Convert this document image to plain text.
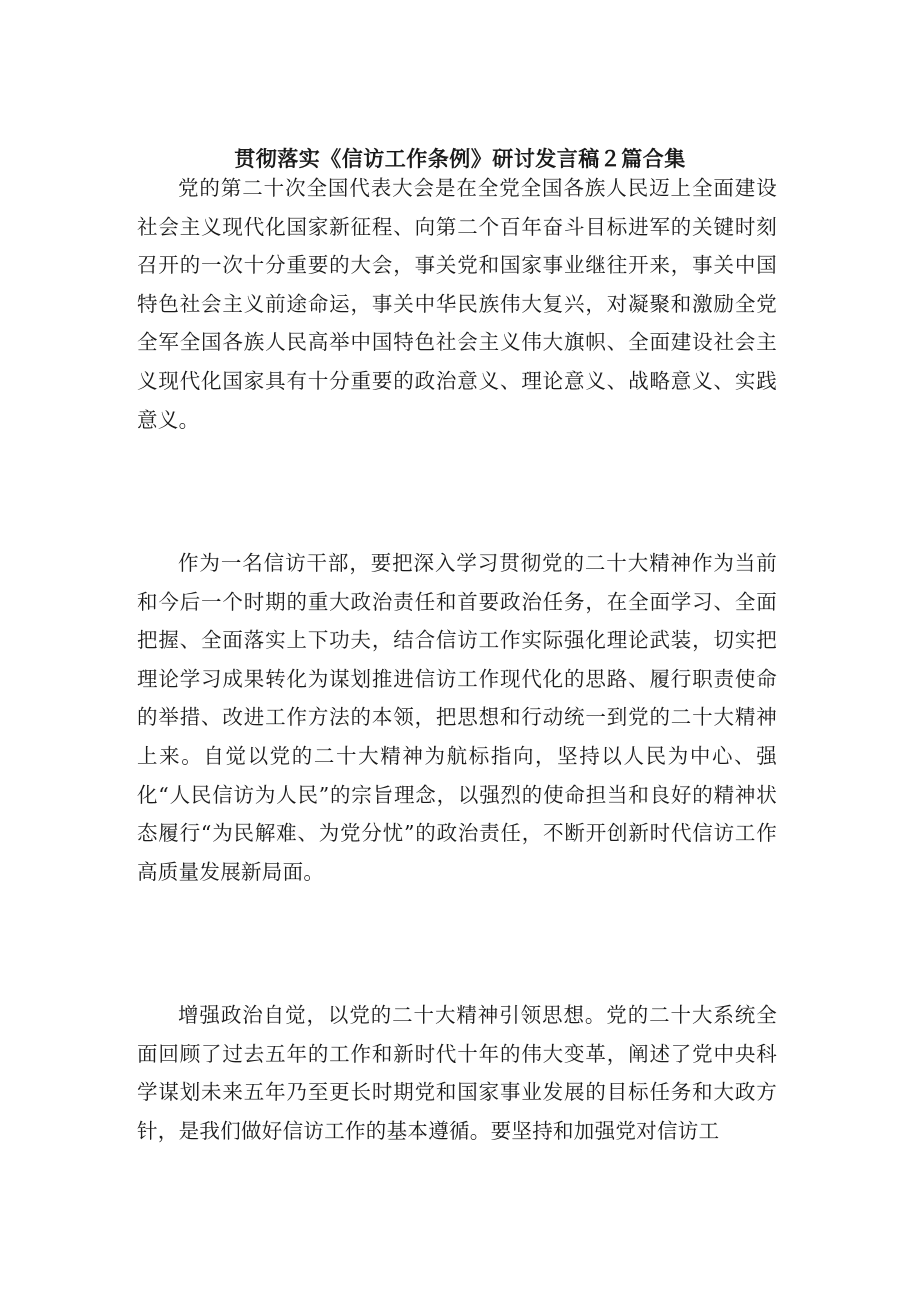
贯彻落实《信访工作条例》研讨发言稿２篇合集

党的第二十次全国代表大会是在全党全国各族人民迈上全面建设社会主义现代化国家新征程、向第二个百年奋斗目标进军的关键时刻召开的一次十分重要的大会，事关党和国家事业继往开来，事关中国特色社会主义前途命运，事关中华民族伟大复兴，对凝聚和激励全党全军全国各族人民高举中国特色社会主义伟大旗帜、全面建设社会主义现代化国家具有十分重要的政治意义、理论意义、战略意义、实践意义。

作为一名信访干部，要把深入学习贯彻党的二十大精神作为当前和今后一个时期的重大政治责任和首要政治任务，在全面学习、全面把握、全面落实上下功夫，结合信访工作实际强化理论武装，切实把理论学习成果转化为谋划推进信访工作现代化的思路、履行职责使命的举措、改进工作方法的本领，把思想和行动统一到党的二十大精神上来。自觉以党的二十大精神为航标指向，坚持以人民为中心、强化“人民信访为人民”的宗旨理念，以强烈的使命担当和良好的精神状态履行“为民解难、为党分忧”的政治责任，不断开创新时代信访工作高质量发展新局面。

增强政治自觉，以党的二十大精神引领思想。党的二十大系统全面回顾了过去五年的工作和新时代十年的伟大变革，阐述了党中央科学谋划未来五年乃至更长时期党和国家事业发展的目标任务和大政方针，是我们做好信访工作的基本遵循。要坚持和加强党对信访工
